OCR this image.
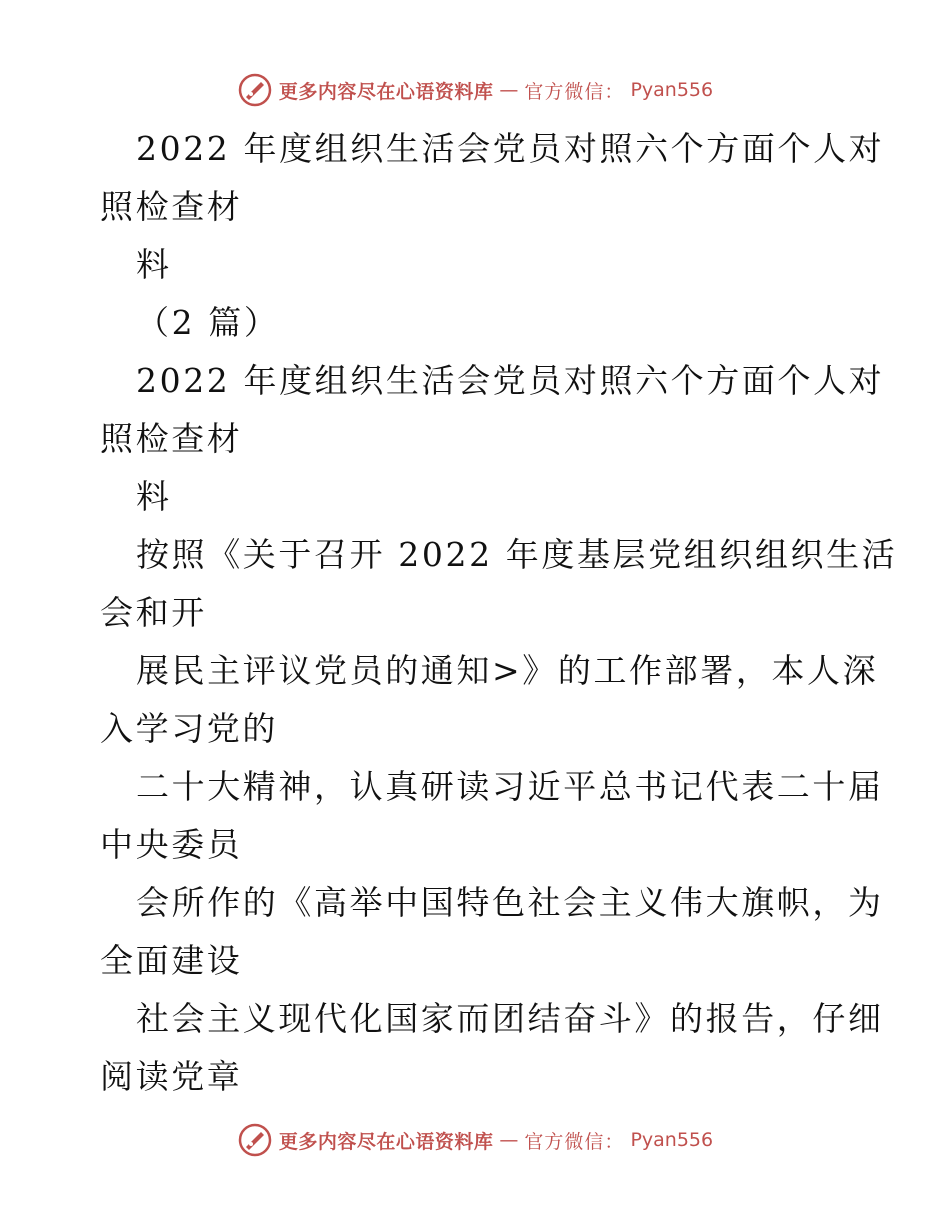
更多内容尽在心语资料库 — 官方微信： Pyan556
2022 年度组织生活会党员对照六个方面个人对
照检查材
料
（2 篇）
2022 年度组织生活会党员对照六个方面个人对
照检查材
料
按照《关于召开 2022 年度基层党组织组织生活
会和开
展民主评议党员的通知>》的工作部署，本人深
入学习党的
二十大精神，认真研读习近平总书记代表二十届
中央委员
会所作的《高举中国特色社会主义伟大旗帜，为
全面建设
社会主义现代化国家而团结奋斗》的报告，仔细
阅读党章
更多内容尽在心语资料库 — 官方微信： Pyan556
